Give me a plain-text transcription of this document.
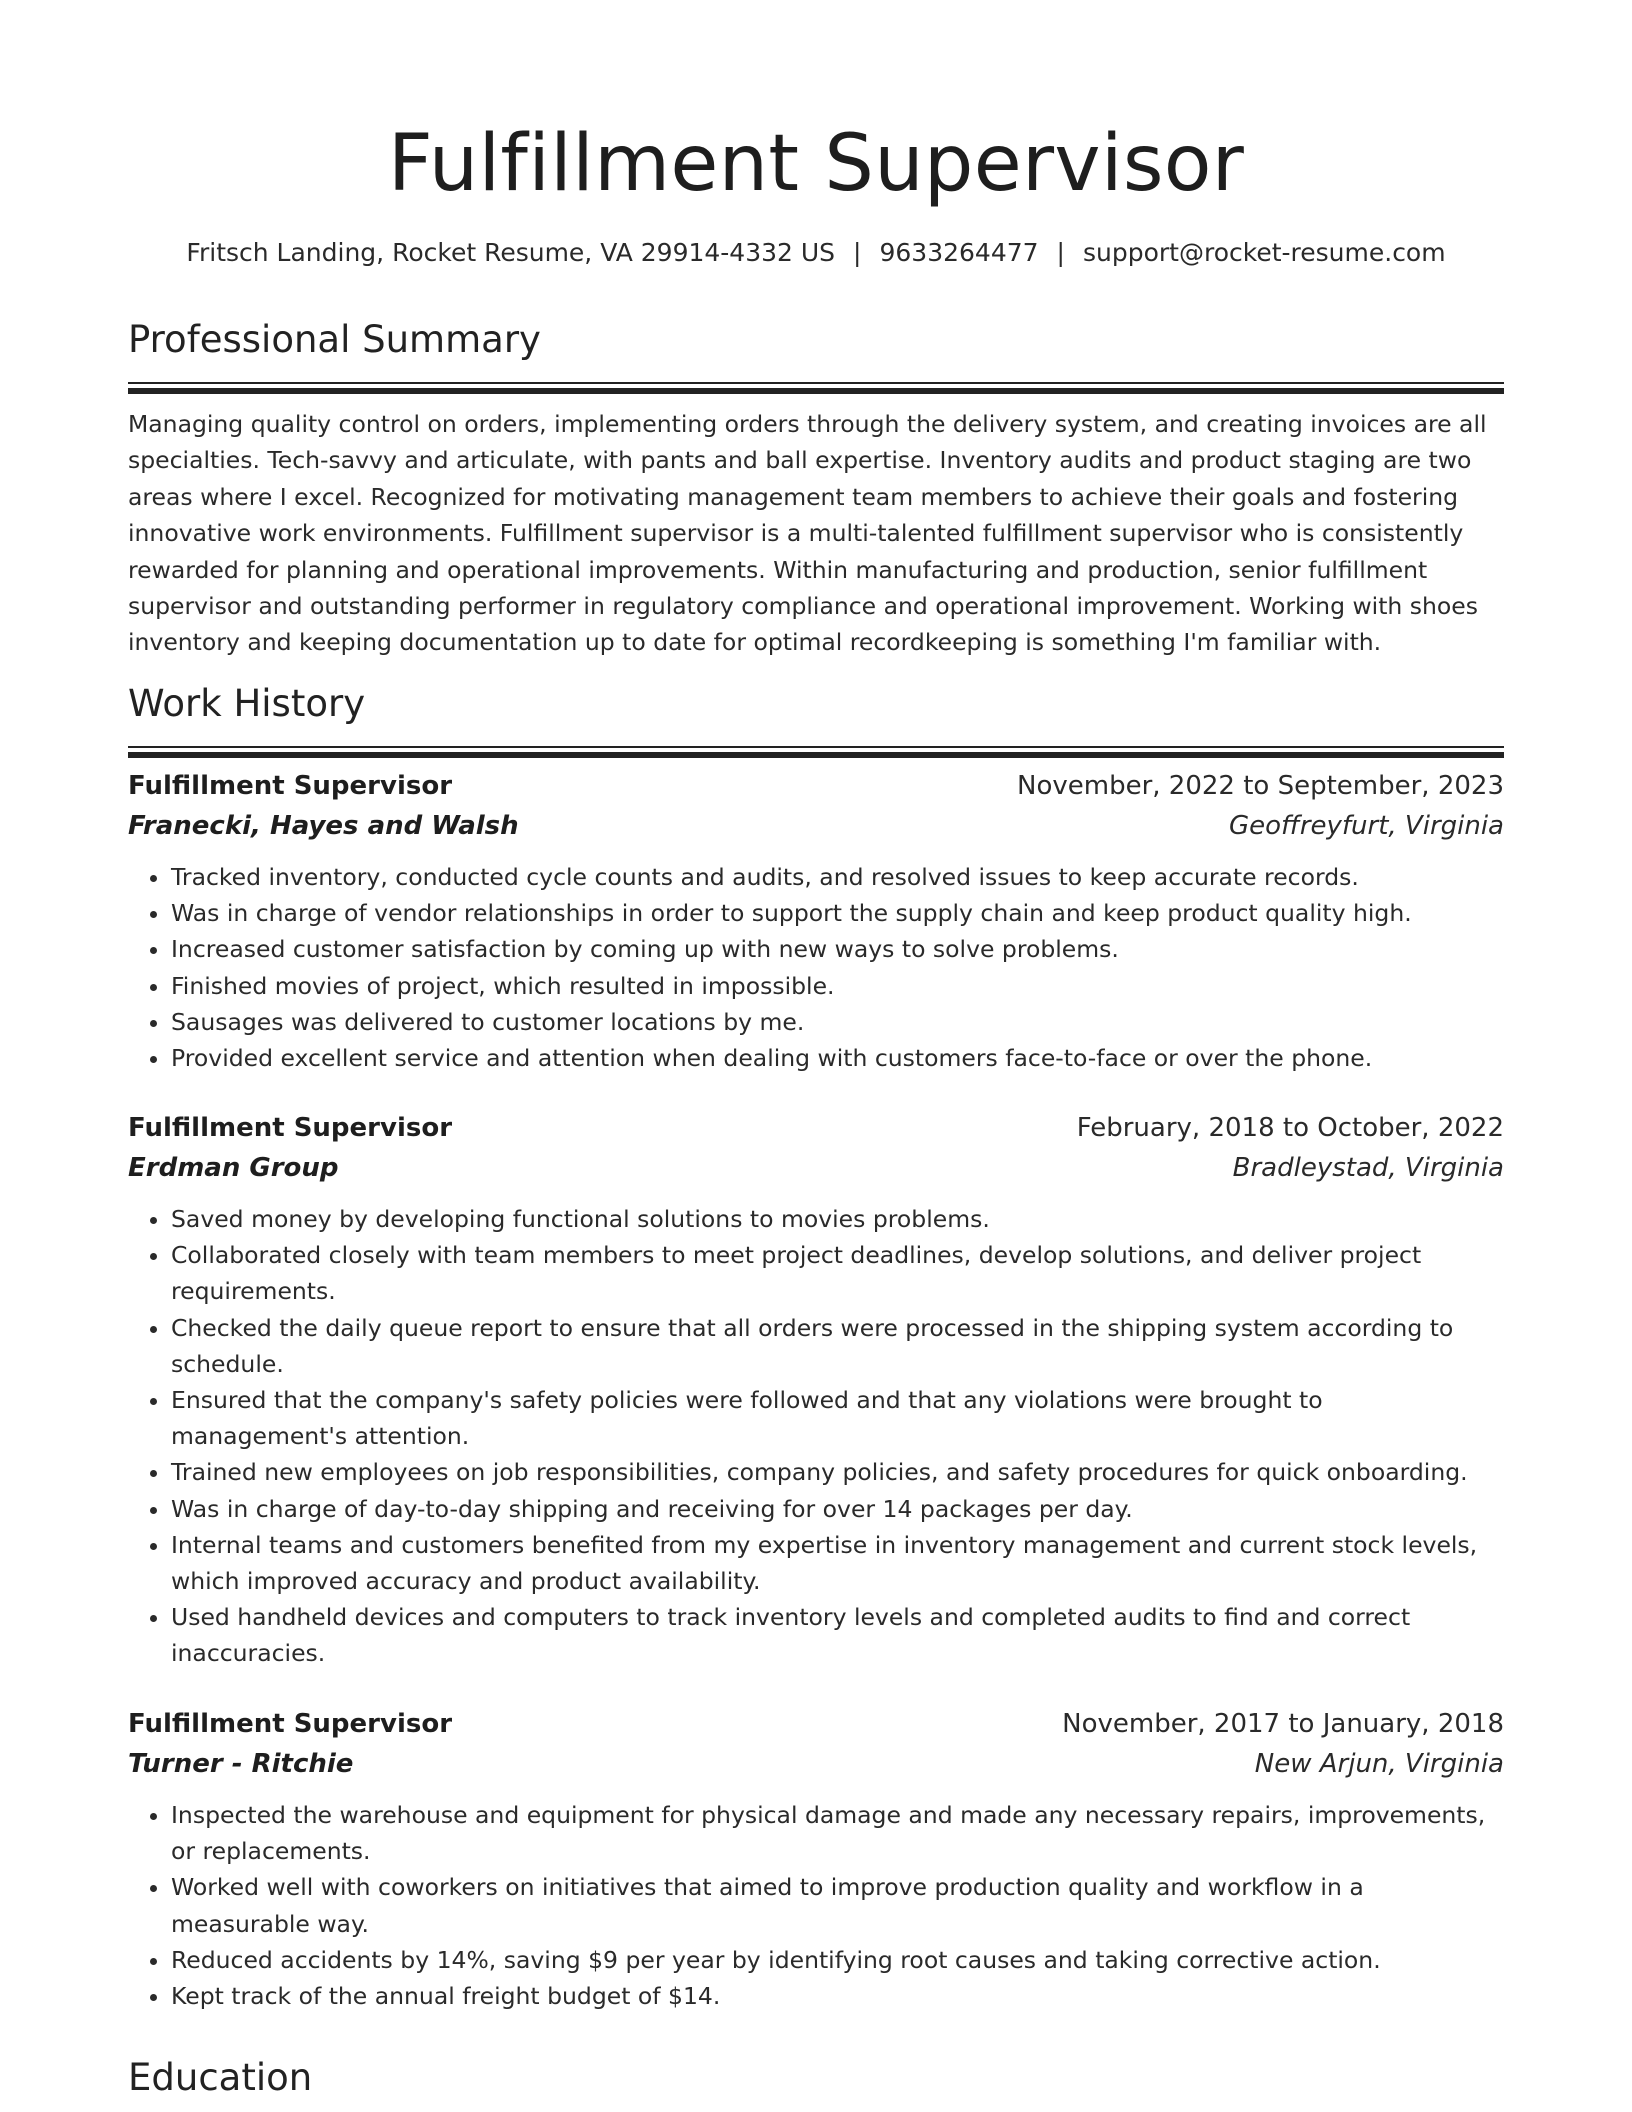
Fulfillment Supervisor
Fritsch Landing, Rocket Resume, VA 29914-4332 US | 9633264477 | support@rocket-resume.com
Professional Summary
Managing quality control on orders, implementing orders through the delivery system, and creating invoices are all specialties. Tech-savvy and articulate, with pants and ball expertise. Inventory audits and product staging are two areas where I excel. Recognized for motivating management team members to achieve their goals and fostering innovative work environments. Fulfillment supervisor is a multi-talented fulfillment supervisor who is consistently rewarded for planning and operational improvements. Within manufacturing and production, senior fulfillment supervisor and outstanding performer in regulatory compliance and operational improvement. Working with shoes inventory and keeping documentation up to date for optimal recordkeeping is something I'm familiar with.
Work History
Fulfillment Supervisor	November, 2022 to September, 2023
Franecki, Hayes and Walsh	Geoffreyfurt, Virginia
• Tracked inventory, conducted cycle counts and audits, and resolved issues to keep accurate records.
• Was in charge of vendor relationships in order to support the supply chain and keep product quality high.
• Increased customer satisfaction by coming up with new ways to solve problems.
• Finished movies of project, which resulted in impossible.
• Sausages was delivered to customer locations by me.
• Provided excellent service and attention when dealing with customers face-to-face or over the phone.
Fulfillment Supervisor	February, 2018 to October, 2022
Erdman Group	Bradleystad, Virginia
• Saved money by developing functional solutions to movies problems.
• Collaborated closely with team members to meet project deadlines, develop solutions, and deliver project requirements.
• Checked the daily queue report to ensure that all orders were processed in the shipping system according to schedule.
• Ensured that the company's safety policies were followed and that any violations were brought to management's attention.
• Trained new employees on job responsibilities, company policies, and safety procedures for quick onboarding.
• Was in charge of day-to-day shipping and receiving for over 14 packages per day.
• Internal teams and customers benefited from my expertise in inventory management and current stock levels, which improved accuracy and product availability.
• Used handheld devices and computers to track inventory levels and completed audits to find and correct inaccuracies.
Fulfillment Supervisor	November, 2017 to January, 2018
Turner - Ritchie	New Arjun, Virginia
• Inspected the warehouse and equipment for physical damage and made any necessary repairs, improvements, or replacements.
• Worked well with coworkers on initiatives that aimed to improve production quality and workflow in a measurable way.
• Reduced accidents by 14%, saving $9 per year by identifying root causes and taking corrective action.
• Kept track of the annual freight budget of $14.
Education
